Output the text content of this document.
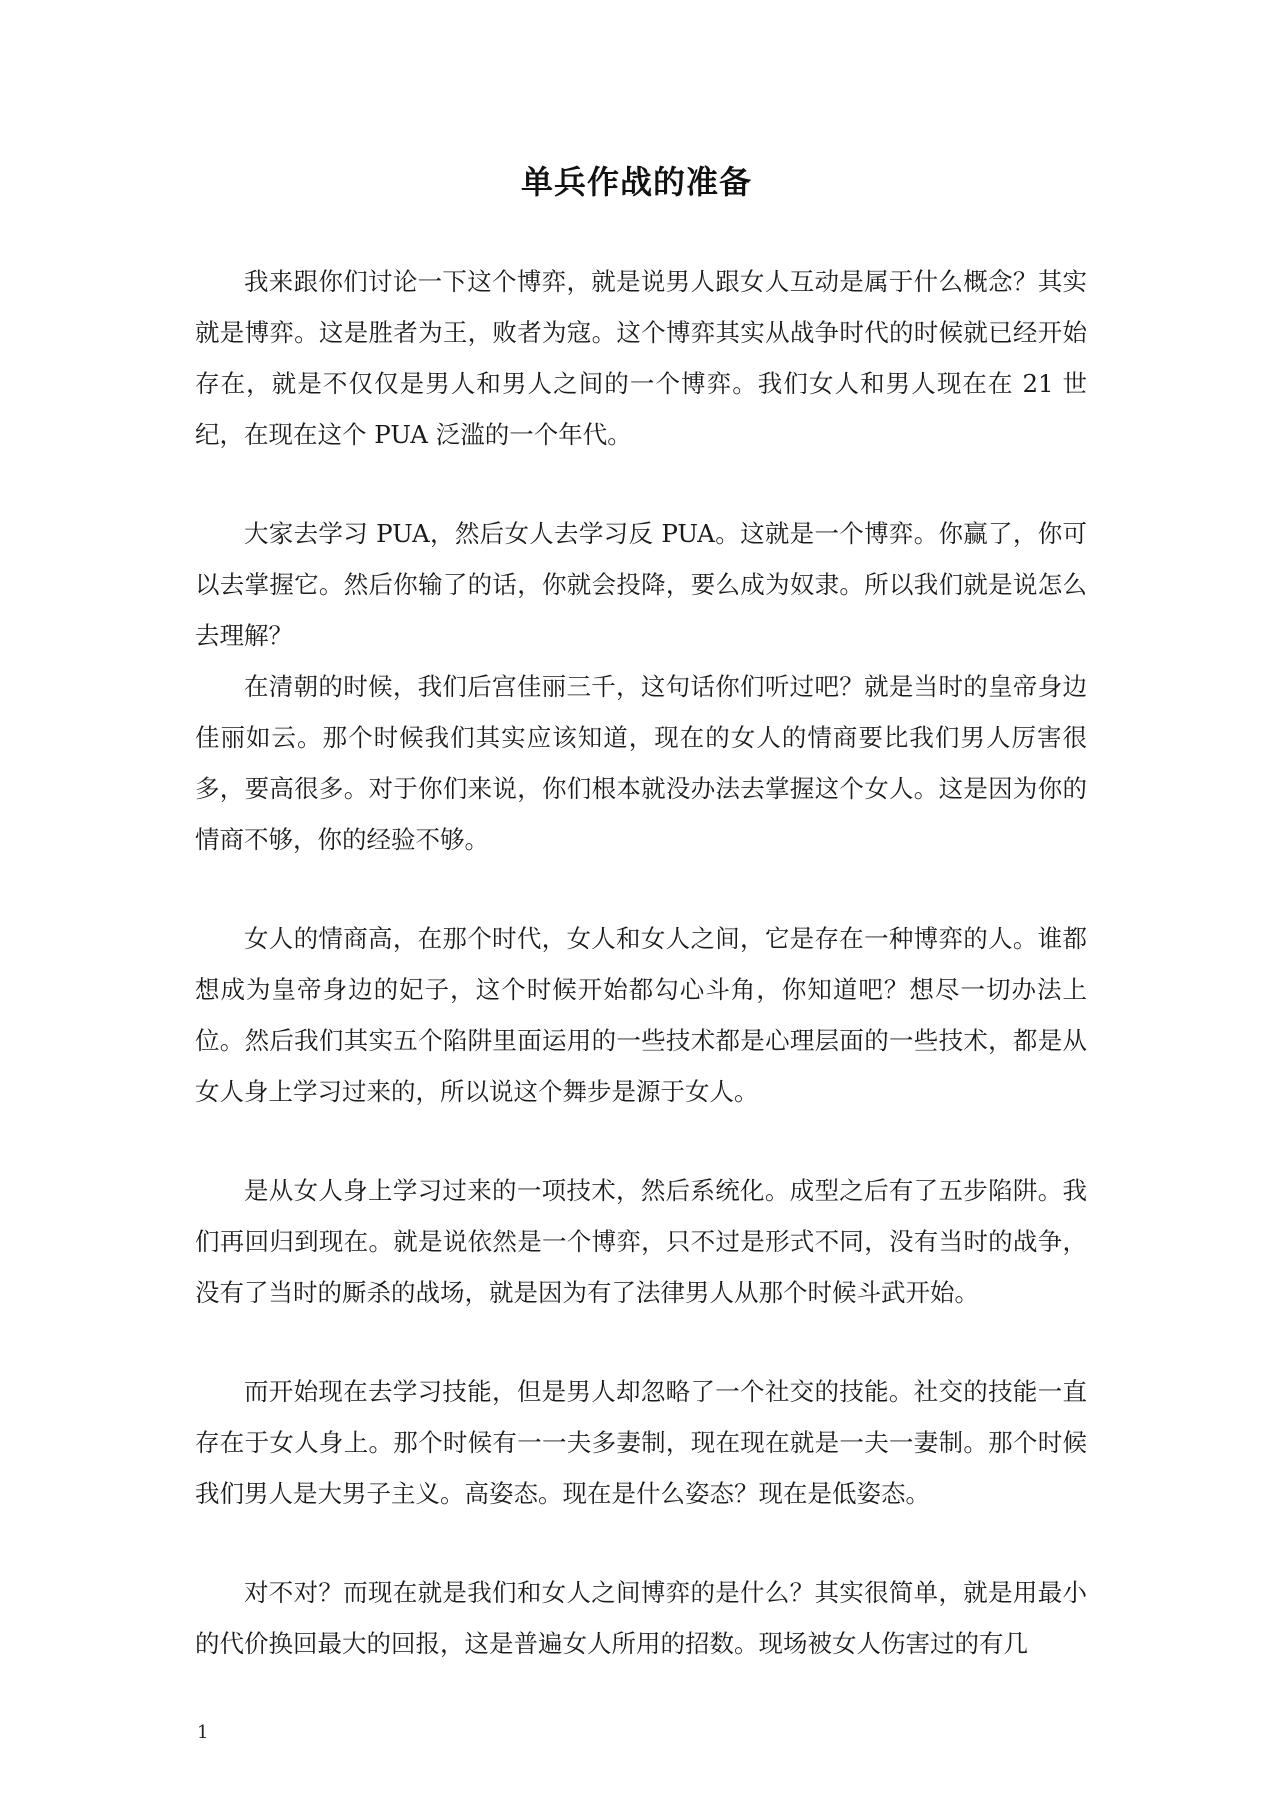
单兵作战的准备

我来跟你们讨论一下这个博弈，就是说男人跟女人互动是属于什么概念？其实就是博弈。这是胜者为王，败者为寇。这个博弈其实从战争时代的时候就已经开始存在，就是不仅仅是男人和男人之间的一个博弈。我们女人和男人现在在 21 世纪，在现在这个 PUA 泛滥的一个年代。

大家去学习 PUA，然后女人去学习反 PUA。这就是一个博弈。你赢了，你可以去掌握它。然后你输了的话，你就会投降，要么成为奴隶。所以我们就是说怎么去理解？

在清朝的时候，我们后宫佳丽三千，这句话你们听过吧？就是当时的皇帝身边佳丽如云。那个时候我们其实应该知道，现在的女人的情商要比我们男人厉害很多，要高很多。对于你们来说，你们根本就没办法去掌握这个女人。这是因为你的情商不够，你的经验不够。

女人的情商高，在那个时代，女人和女人之间，它是存在一种博弈的人。谁都想成为皇帝身边的妃子，这个时候开始都勾心斗角，你知道吧？想尽一切办法上位。然后我们其实五个陷阱里面运用的一些技术都是心理层面的一些技术，都是从女人身上学习过来的，所以说这个舞步是源于女人。

是从女人身上学习过来的一项技术，然后系统化。成型之后有了五步陷阱。我们再回归到现在。就是说依然是一个博弈，只不过是形式不同，没有当时的战争，没有了当时的厮杀的战场，就是因为有了法律男人从那个时候斗武开始。

而开始现在去学习技能，但是男人却忽略了一个社交的技能。社交的技能一直存在于女人身上。那个时候有一一夫多妻制，现在现在就是一夫一妻制。那个时候我们男人是大男子主义。高姿态。现在是什么姿态？现在是低姿态。

对不对？而现在就是我们和女人之间博弈的是什么？其实很简单，就是用最小的代价换回最大的回报，这是普遍女人所用的招数。现场被女人伤害过的有几

1
